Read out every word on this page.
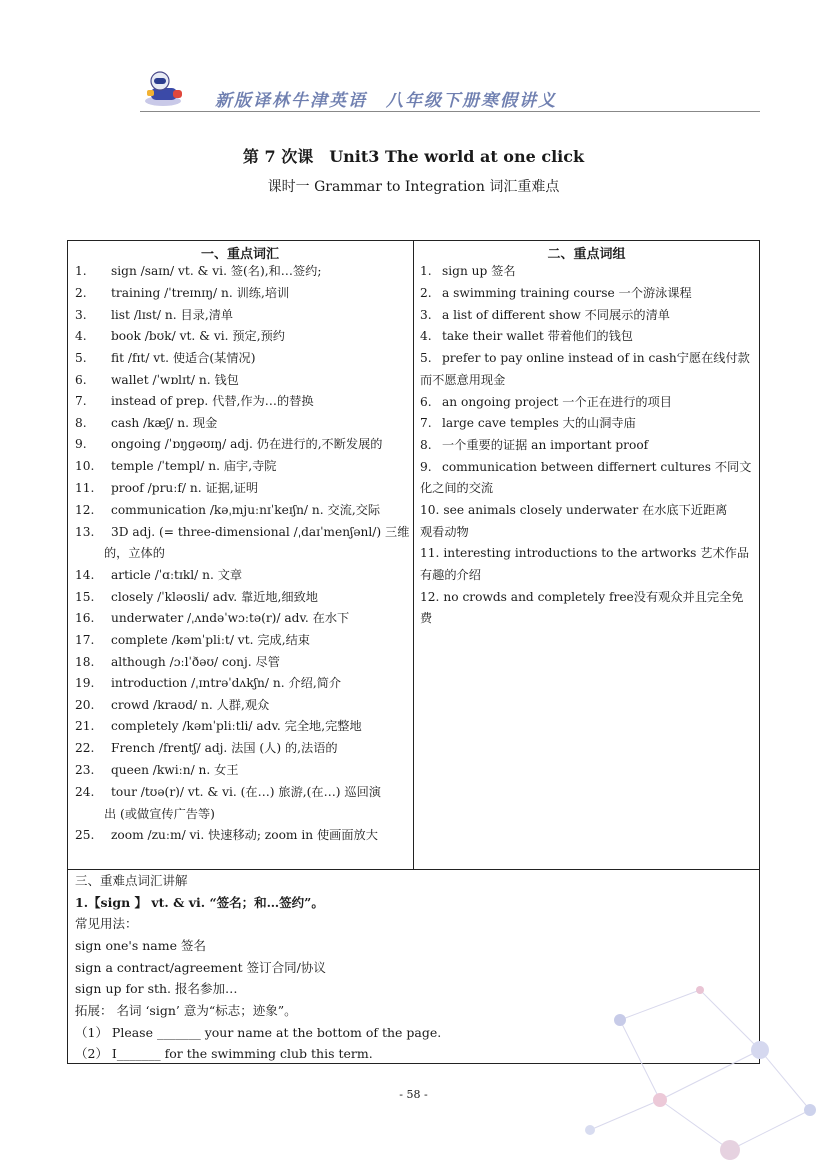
新版译林牛津英语　八年级下册寒假讲义
第 7 次课　Unit3 The world at one click
课时一 Grammar to Integration 词汇重难点
一、重点词汇	二、重点词组
1. sign /saɪn/ vt. & vi. 签(名),和…签约;
2. training /ˈtreɪnɪŋ/ n. 训练,培训
3. list /lɪst/ n. 目录,清单
4. book /bʊk/ vt. & vi. 预定,预约
5. fit /fɪt/ vt. 使适合(某情况)
6. wallet /ˈwɒlɪt/ n. 钱包
7. instead of prep. 代替,作为…的替换
8. cash /kæʃ/ n. 现金
9. ongoing /ˈɒŋɡəʊɪŋ/ adj. 仍在进行的,不断发展的
10. temple /ˈtempl/ n. 庙宇,寺院
11. proof /pruːf/ n. 证据,证明
12. communication /kəˌmjuːnɪˈkeɪʃn/ n. 交流,交际
13. 3D adj. (= three-dimensional /ˌdaɪˈmenʃənl/) 三维
14. article /ˈɑːtɪkl/ n. 文章
15. closely /ˈkləʊsli/ adv. 靠近地,细致地
16. underwater /ˌʌndəˈwɔːtə(r)/ adv. 在水下
17. complete /kəmˈpliːt/ vt. 完成,结束
18. although /ɔːlˈðəʊ/ conj. 尽管
19. introduction /ˌɪntrəˈdʌkʃn/ n. 介绍,简介
20. crowd /kraʊd/ n. 人群,观众
21. completely /kəmˈpliːtli/ adv. 完全地,完整地
22. French /frentʃ/ adj. 法国 (人) 的,法语的
23. queen /kwiːn/ n. 女王
24. tour /tʊə(r)/ vt. & vi. (在…) 旅游,(在…) 巡回演
25. zoom /zuːm/ vi. 快速移动; zoom in 使画面放大
的，立体的
出 (或做宣传广告等)
1. sign up 签名
2. a swimming training course 一个游泳课程
3. a list of different show 不同展示的清单
4. take their wallet 带着他们的钱包
5. prefer to pay online instead of in cash宁愿在线付款
6. an ongoing project 一个正在进行的项目
7. large cave temples 大的山洞寺庙
8. 一个重要的证据 an important proof
9. communication between differnert cultures 不同文
10. see animals closely underwater 在水底下近距离
11. interesting introductions to the artworks 艺术作品
12. no crowds and completely free没有观众并且完全免
而不愿意用现金
化之间的交流
观看动物
有趣的介绍
费
三、重难点词汇讲解
1.【sign 】 vt. & vi. “签名；和…签约”。
常见用法：
sign one's name 签名
sign a contract/agreement 签订合同/协议
sign up for sth. 报名参加…
拓展： 名词 ‘sign’ 意为“标志；迹象”。
（1） Please _______ your name at the bottom of the page.
（2） I_______ for the swimming club this term.
- 58 -
